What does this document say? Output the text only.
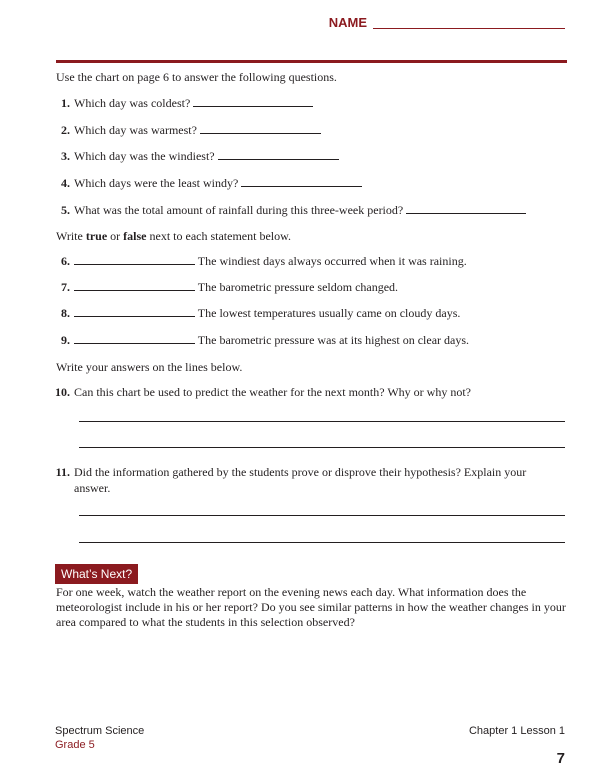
NAME
Use the chart on page 6 to answer the following questions.
1. Which day was coldest?
2. Which day was warmest?
3. Which day was the windiest?
4. Which days were the least windy?
5. What was the total amount of rainfall during this three-week period?
Write true or false next to each statement below.
6.	The windiest days always occurred when it was raining.
7.	The barometric pressure seldom changed.
8.	The lowest temperatures usually came on cloudy days.
9.	The barometric pressure was at its highest on clear days.
Write your answers on the lines below.
10. Can this chart be used to predict the weather for the next month? Why or why not?
11. Did the information gathered by the students prove or disprove their hypothesis? Explain your answer.
What’s Next?
For one week, watch the weather report on the evening news each day. What information does the meteorologist include in his or her report? Do you see similar patterns in how the weather changes in your area compared to what the students in this selection observed?
Spectrum Science
Grade 5
Chapter 1 Lesson 1
7
